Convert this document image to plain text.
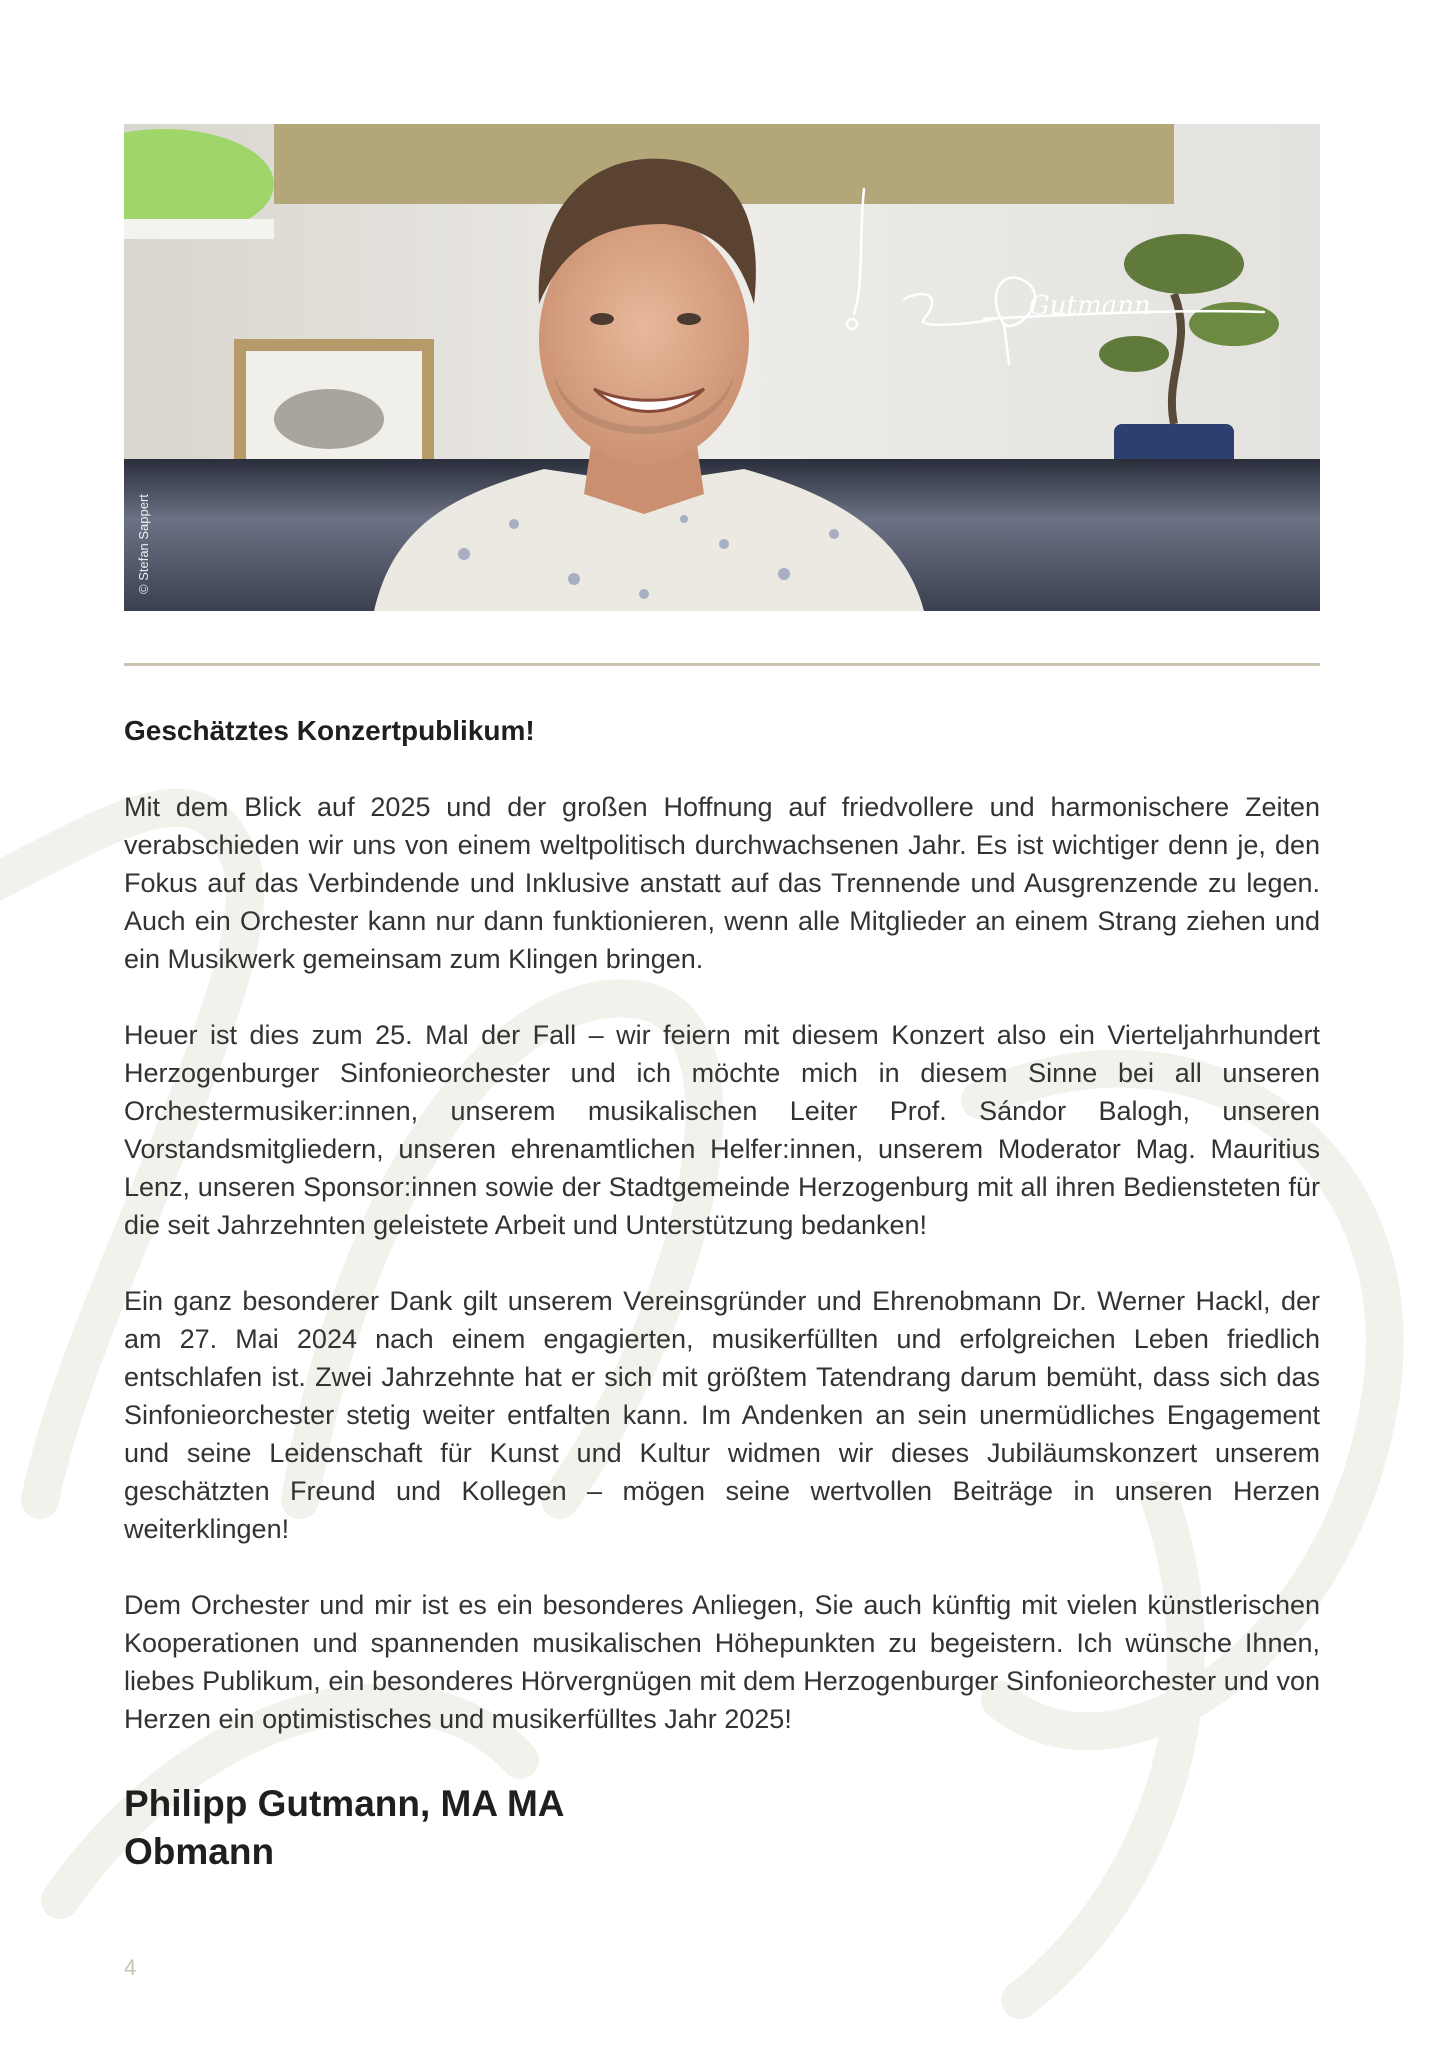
Gutmann
© Stefan Sappert

Geschätztes Konzertpublikum!

Mit dem Blick auf 2025 und der großen Hoffnung auf friedvollere und harmonischere Zeiten verabschieden wir uns von einem weltpolitisch durchwachsenen Jahr. Es ist wichtiger denn je, den Fokus auf das Verbindende und Inklusive anstatt auf das Trennende und Ausgrenzende zu legen. Auch ein Orchester kann nur dann funktionieren, wenn alle Mitglieder an einem Strang ziehen und ein Musikwerk gemeinsam zum Klingen bringen.

Heuer ist dies zum 25. Mal der Fall – wir feiern mit diesem Konzert also ein Vierteljahrhundert Herzogenburger Sinfonieorchester und ich möchte mich in diesem Sinne bei all unseren Orchestermusiker:innen, unserem musikalischen Leiter Prof. Sándor Balogh, unseren Vorstandsmitgliedern, unseren ehrenamtlichen Helfer:innen, unserem Moderator Mag. Mauritius Lenz, unseren Sponsor:innen sowie der Stadtgemeinde Herzogenburg mit all ihren Bediensteten für die seit Jahrzehnten geleistete Arbeit und Unterstützung bedanken!

Ein ganz besonderer Dank gilt unserem Vereinsgründer und Ehrenobmann Dr. Werner Hackl, der am 27. Mai 2024 nach einem engagierten, musikerfüllten und erfolgreichen Leben friedlich entschlafen ist. Zwei Jahrzehnte hat er sich mit größtem Tatendrang darum bemüht, dass sich das Sinfonieorchester stetig weiter entfalten kann. Im Andenken an sein unermüdliches Engagement und seine Leidenschaft für Kunst und Kultur widmen wir dieses Jubiläumskonzert unserem geschätzten Freund und Kollegen – mögen seine wertvollen Beiträge in unseren Herzen weiterklingen!

Dem Orchester und mir ist es ein besonderes Anliegen, Sie auch künftig mit vielen künstlerischen Kooperationen und spannenden musikalischen Höhepunkten zu begeistern. Ich wünsche Ihnen, liebes Publikum, ein besonderes Hörvergnügen mit dem Herzogenburger Sinfonieorchester und von Herzen ein optimistisches und musikerfülltes Jahr 2025!

Philipp Gutmann, MA MA
Obmann
4
